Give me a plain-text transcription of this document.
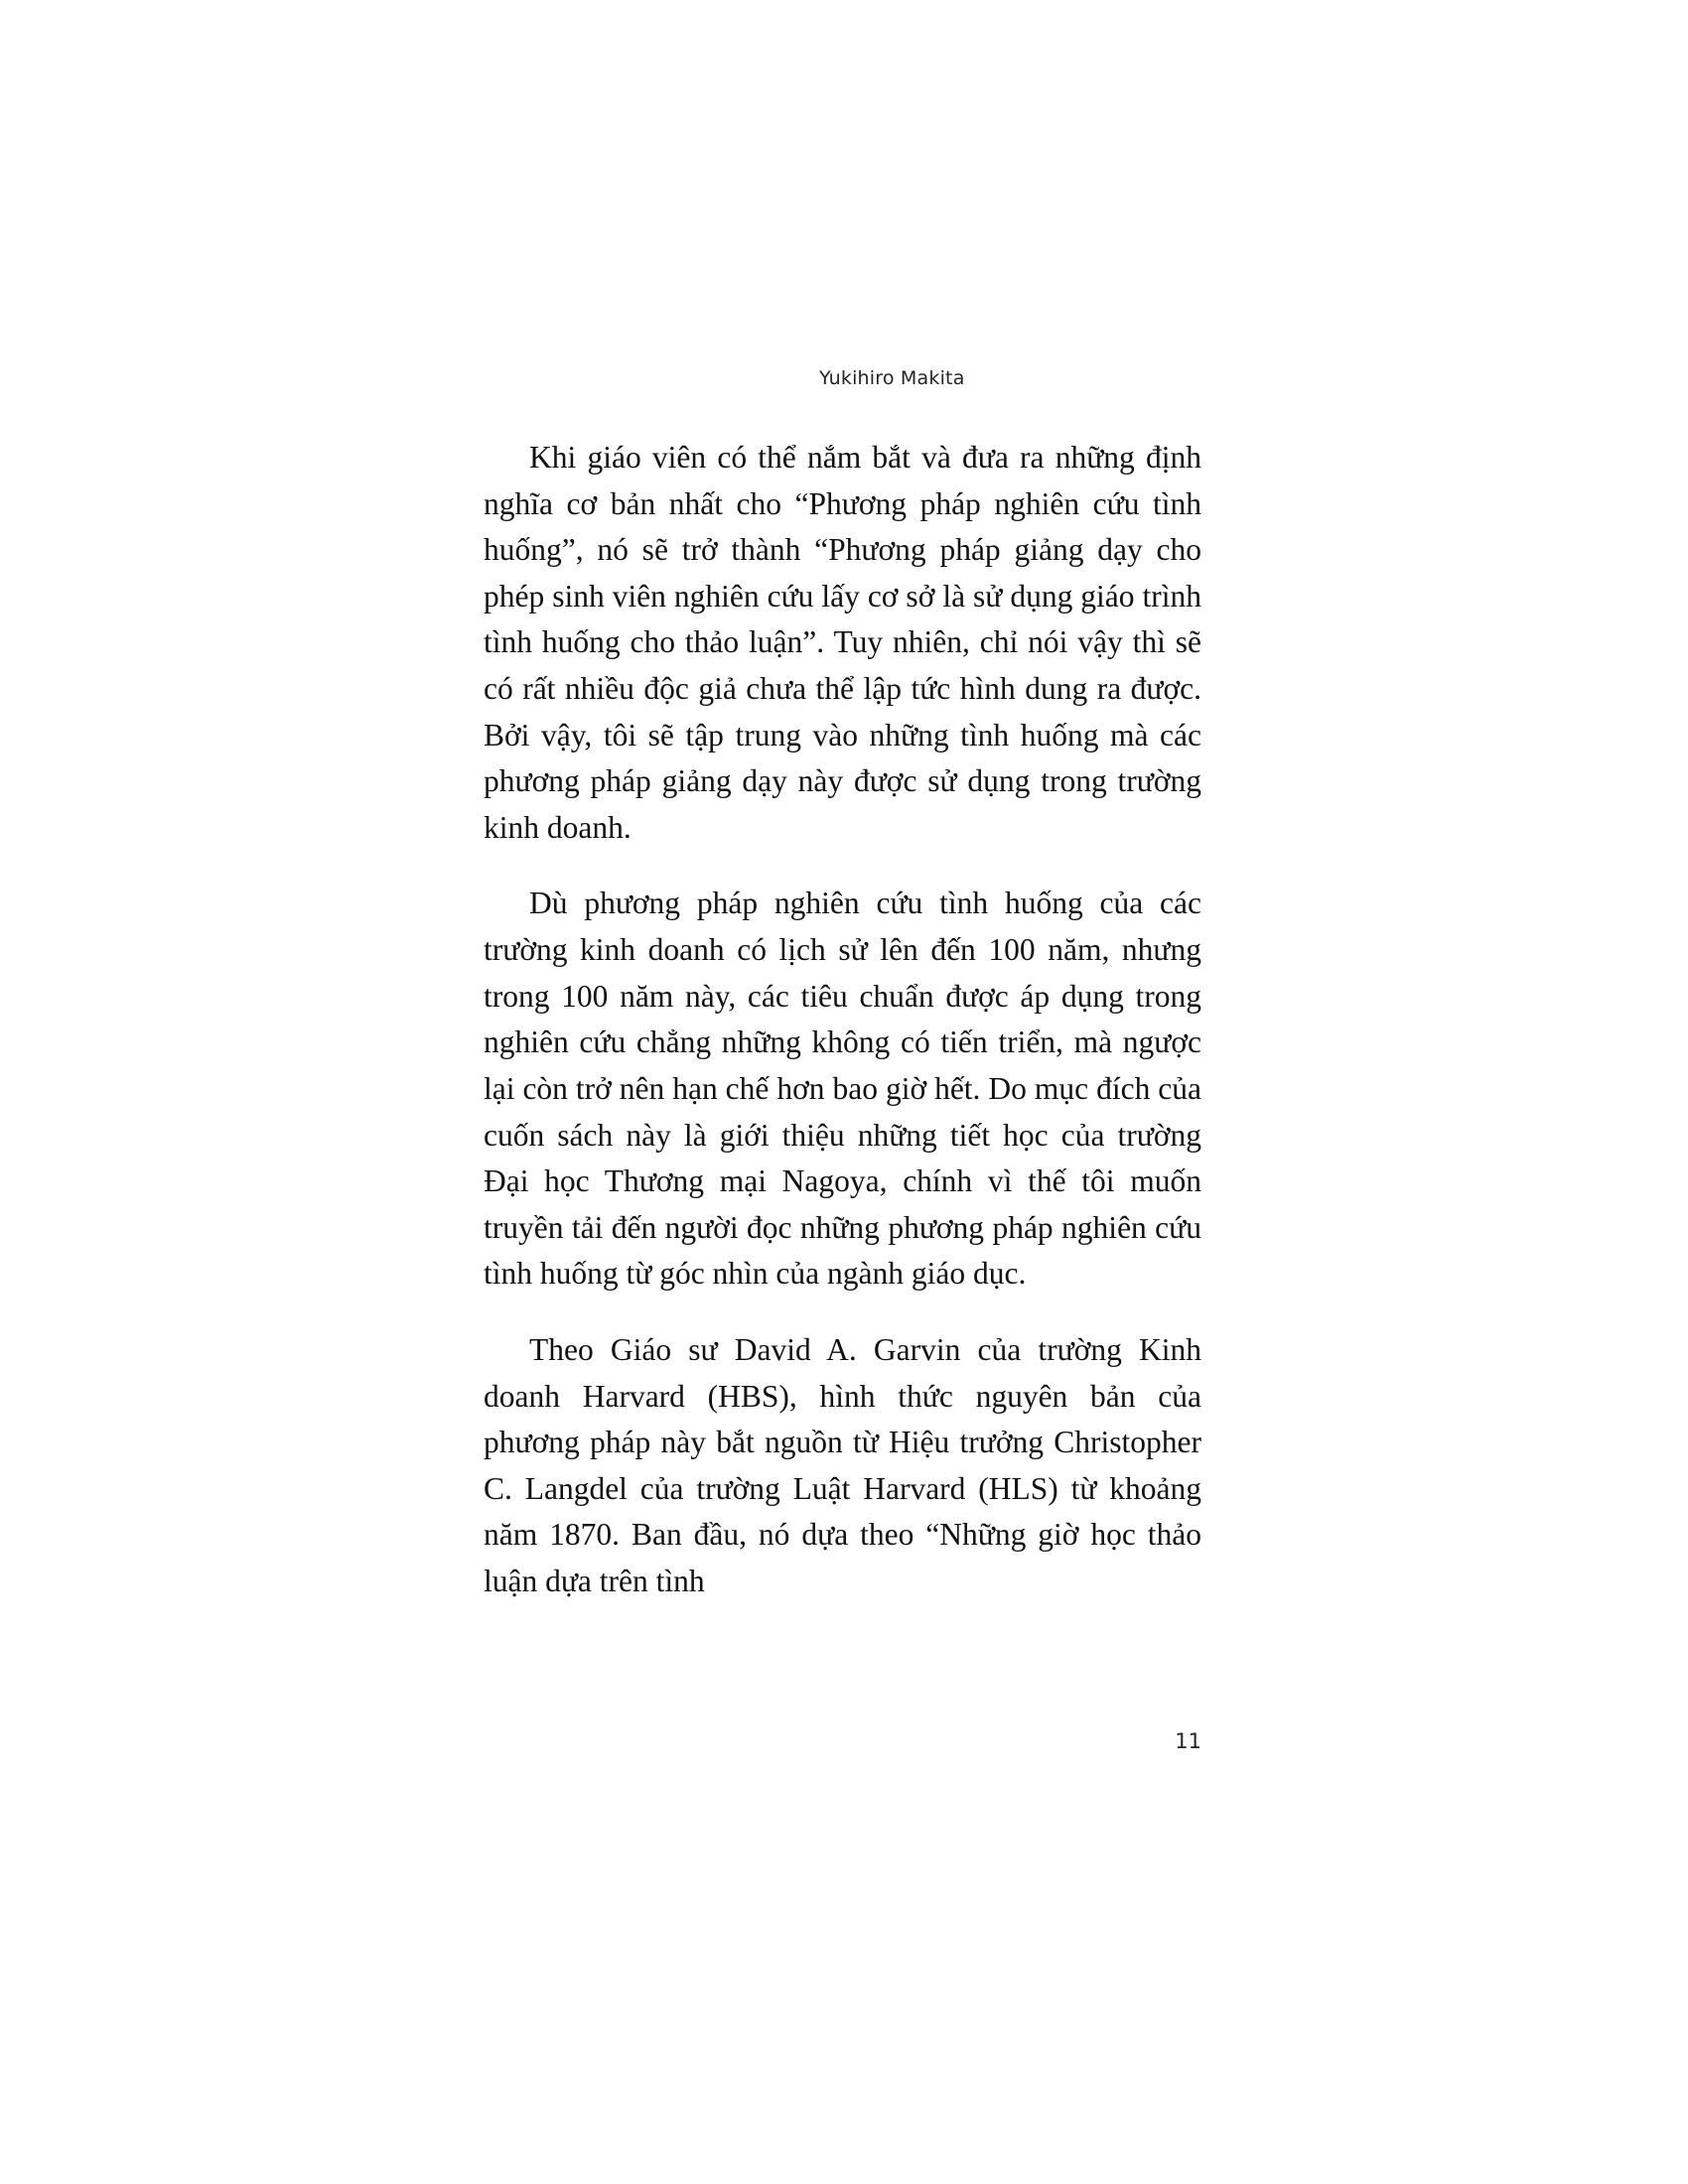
Yukihiro Makita

Khi giáo viên có thể nắm bắt và đưa ra những định nghĩa cơ bản nhất cho “Phương pháp nghiên cứu tình huống”, nó sẽ trở thành “Phương pháp giảng dạy cho phép sinh viên nghiên cứu lấy cơ sở là sử dụng giáo trình tình huống cho thảo luận”. Tuy nhiên, chỉ nói vậy thì sẽ có rất nhiều độc giả chưa thể lập tức hình dung ra được. Bởi vậy, tôi sẽ tập trung vào những tình huống mà các phương pháp giảng dạy này được sử dụng trong trường kinh doanh.

Dù phương pháp nghiên cứu tình huống của các trường kinh doanh có lịch sử lên đến 100 năm, nhưng trong 100 năm này, các tiêu chuẩn được áp dụng trong nghiên cứu chẳng những không có tiến triển, mà ngược lại còn trở nên hạn chế hơn bao giờ hết. Do mục đích của cuốn sách này là giới thiệu những tiết học của trường Đại học Thương mại Nagoya, chính vì thế tôi muốn truyền tải đến người đọc những phương pháp nghiên cứu tình huống từ góc nhìn của ngành giáo dục.

Theo Giáo sư David A. Garvin của trường Kinh doanh Harvard (HBS), hình thức nguyên bản của phương pháp này bắt nguồn từ Hiệu trưởng Christopher C. Langdel của trường Luật Harvard (HLS) từ khoảng năm 1870. Ban đầu, nó dựa theo “Những giờ học thảo luận dựa trên tình

11
